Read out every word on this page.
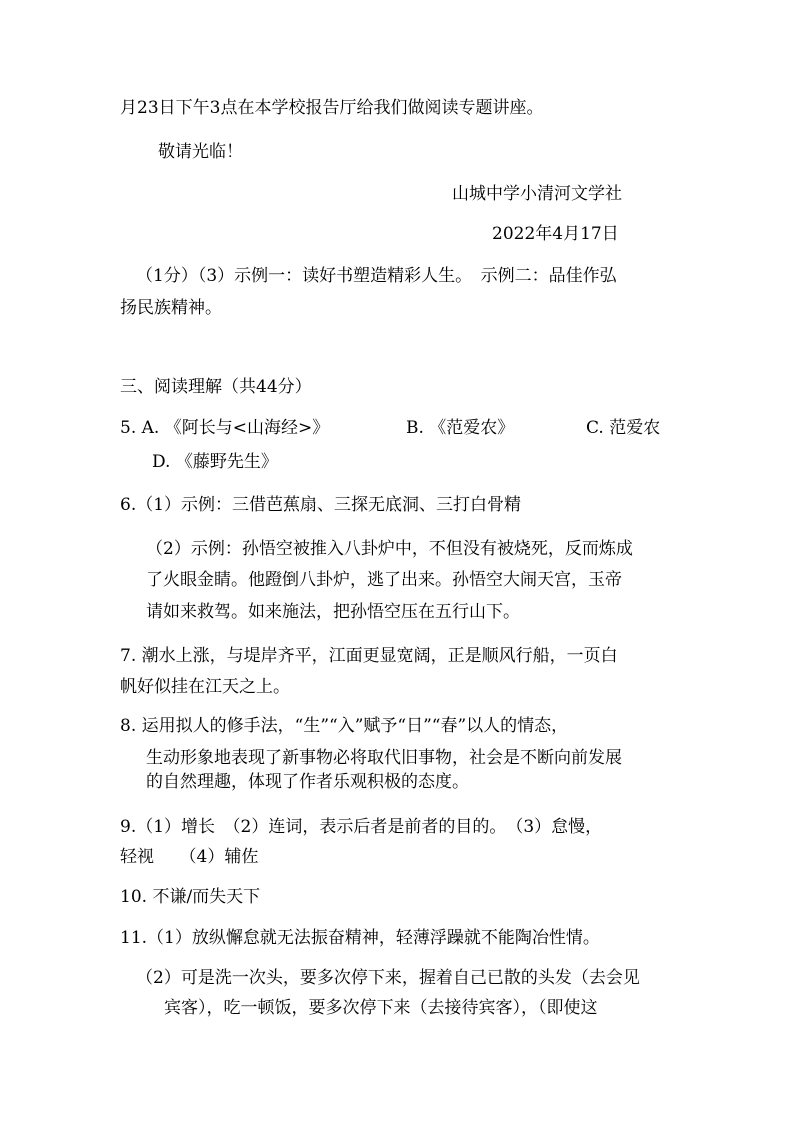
月23日下午3点在本学校报告厅给我们做阅读专题讲座。
敬请光临！
山城中学小清河文学社
2022年4月17日
（1分）（3）示例一：读好书塑造精彩人生。　示例二：品佳作弘
扬民族精神。
三、阅读理解（共44分）
5. A. 《阿长与<山海经>》	B. 《范爱农》	C. 范爱农
D. 《藤野先生》
6.（1）示例：三借芭蕉扇、三探无底洞、三打白骨精
（2）示例：孙悟空被推入八卦炉中，不但没有被烧死，反而炼成
了火眼金睛。他蹬倒八卦炉，逃了出来。孙悟空大闹天宫，玉帝
请如来救驾。如来施法，把孙悟空压在五行山下。
7. 潮水上涨，与堤岸齐平，江面更显宽阔，正是顺风行船，一页白
帆好似挂在江天之上。
8. 运用拟人的修手法，“生”“入”赋予“日”“春”以人的情态，
生动形象地表现了新事物必将取代旧事物，社会是不断向前发展
的自然理趣，体现了作者乐观积极的态度。
9.（1）增长　（2）连词，表示后者是前者的目的。　（3）怠慢，
轻视　　（4）辅佐
10. 不谦/而失天下
11.（1）放纵懈怠就无法振奋精神，轻薄浮躁就不能陶冶性情。
（2）可是洗一次头，要多次停下来，握着自己已散的头发（去会见
宾客），吃一顿饭，要多次停下来（去接待宾客），（即使这
